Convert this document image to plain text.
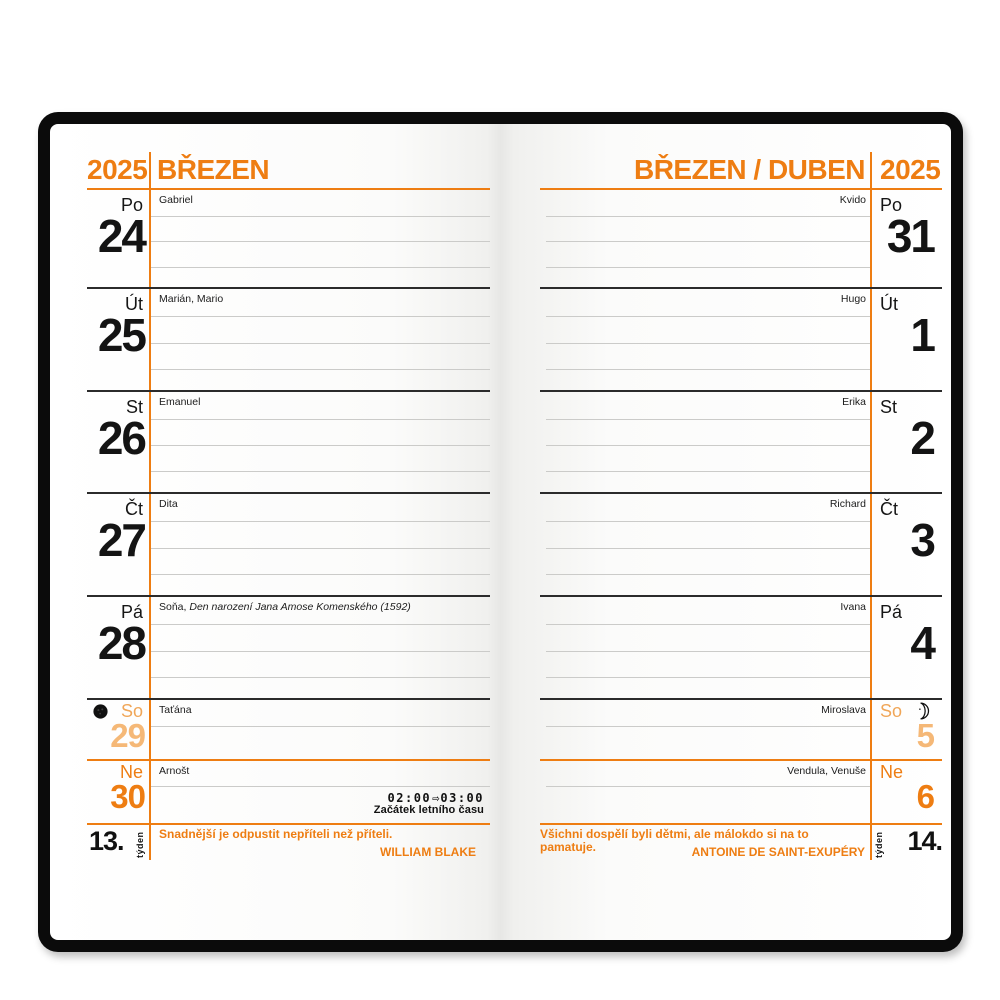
2025 BŘEZEN
Po
24
Gabriel
Út
25
Marián, Mario
St
26
Emanuel
Čt
27
Dita
Pá
28
Soňa, Den narození Jana Amose Komenského (1592)
So
29
Taťána
Ne
30
Arnošt
02:00⇨03:00
Začátek letního času
13. týden	Snadnější je odpustit nepříteli než příteli.
WILLIAM BLAKE
BŘEZEN / DUBEN 2025
Po
31
Kvido
Út
1
Hugo
St
2
Erika
Čt
3
Richard
Pá
4
Ivana
So
5
Miroslava
Ne
6
Vendula, Venuše
Všichni dospělí byli dětmi, ale málokdo si na to pamatuje.	ANTOINE DE SAINT-EXUPÉRY týden 14.
